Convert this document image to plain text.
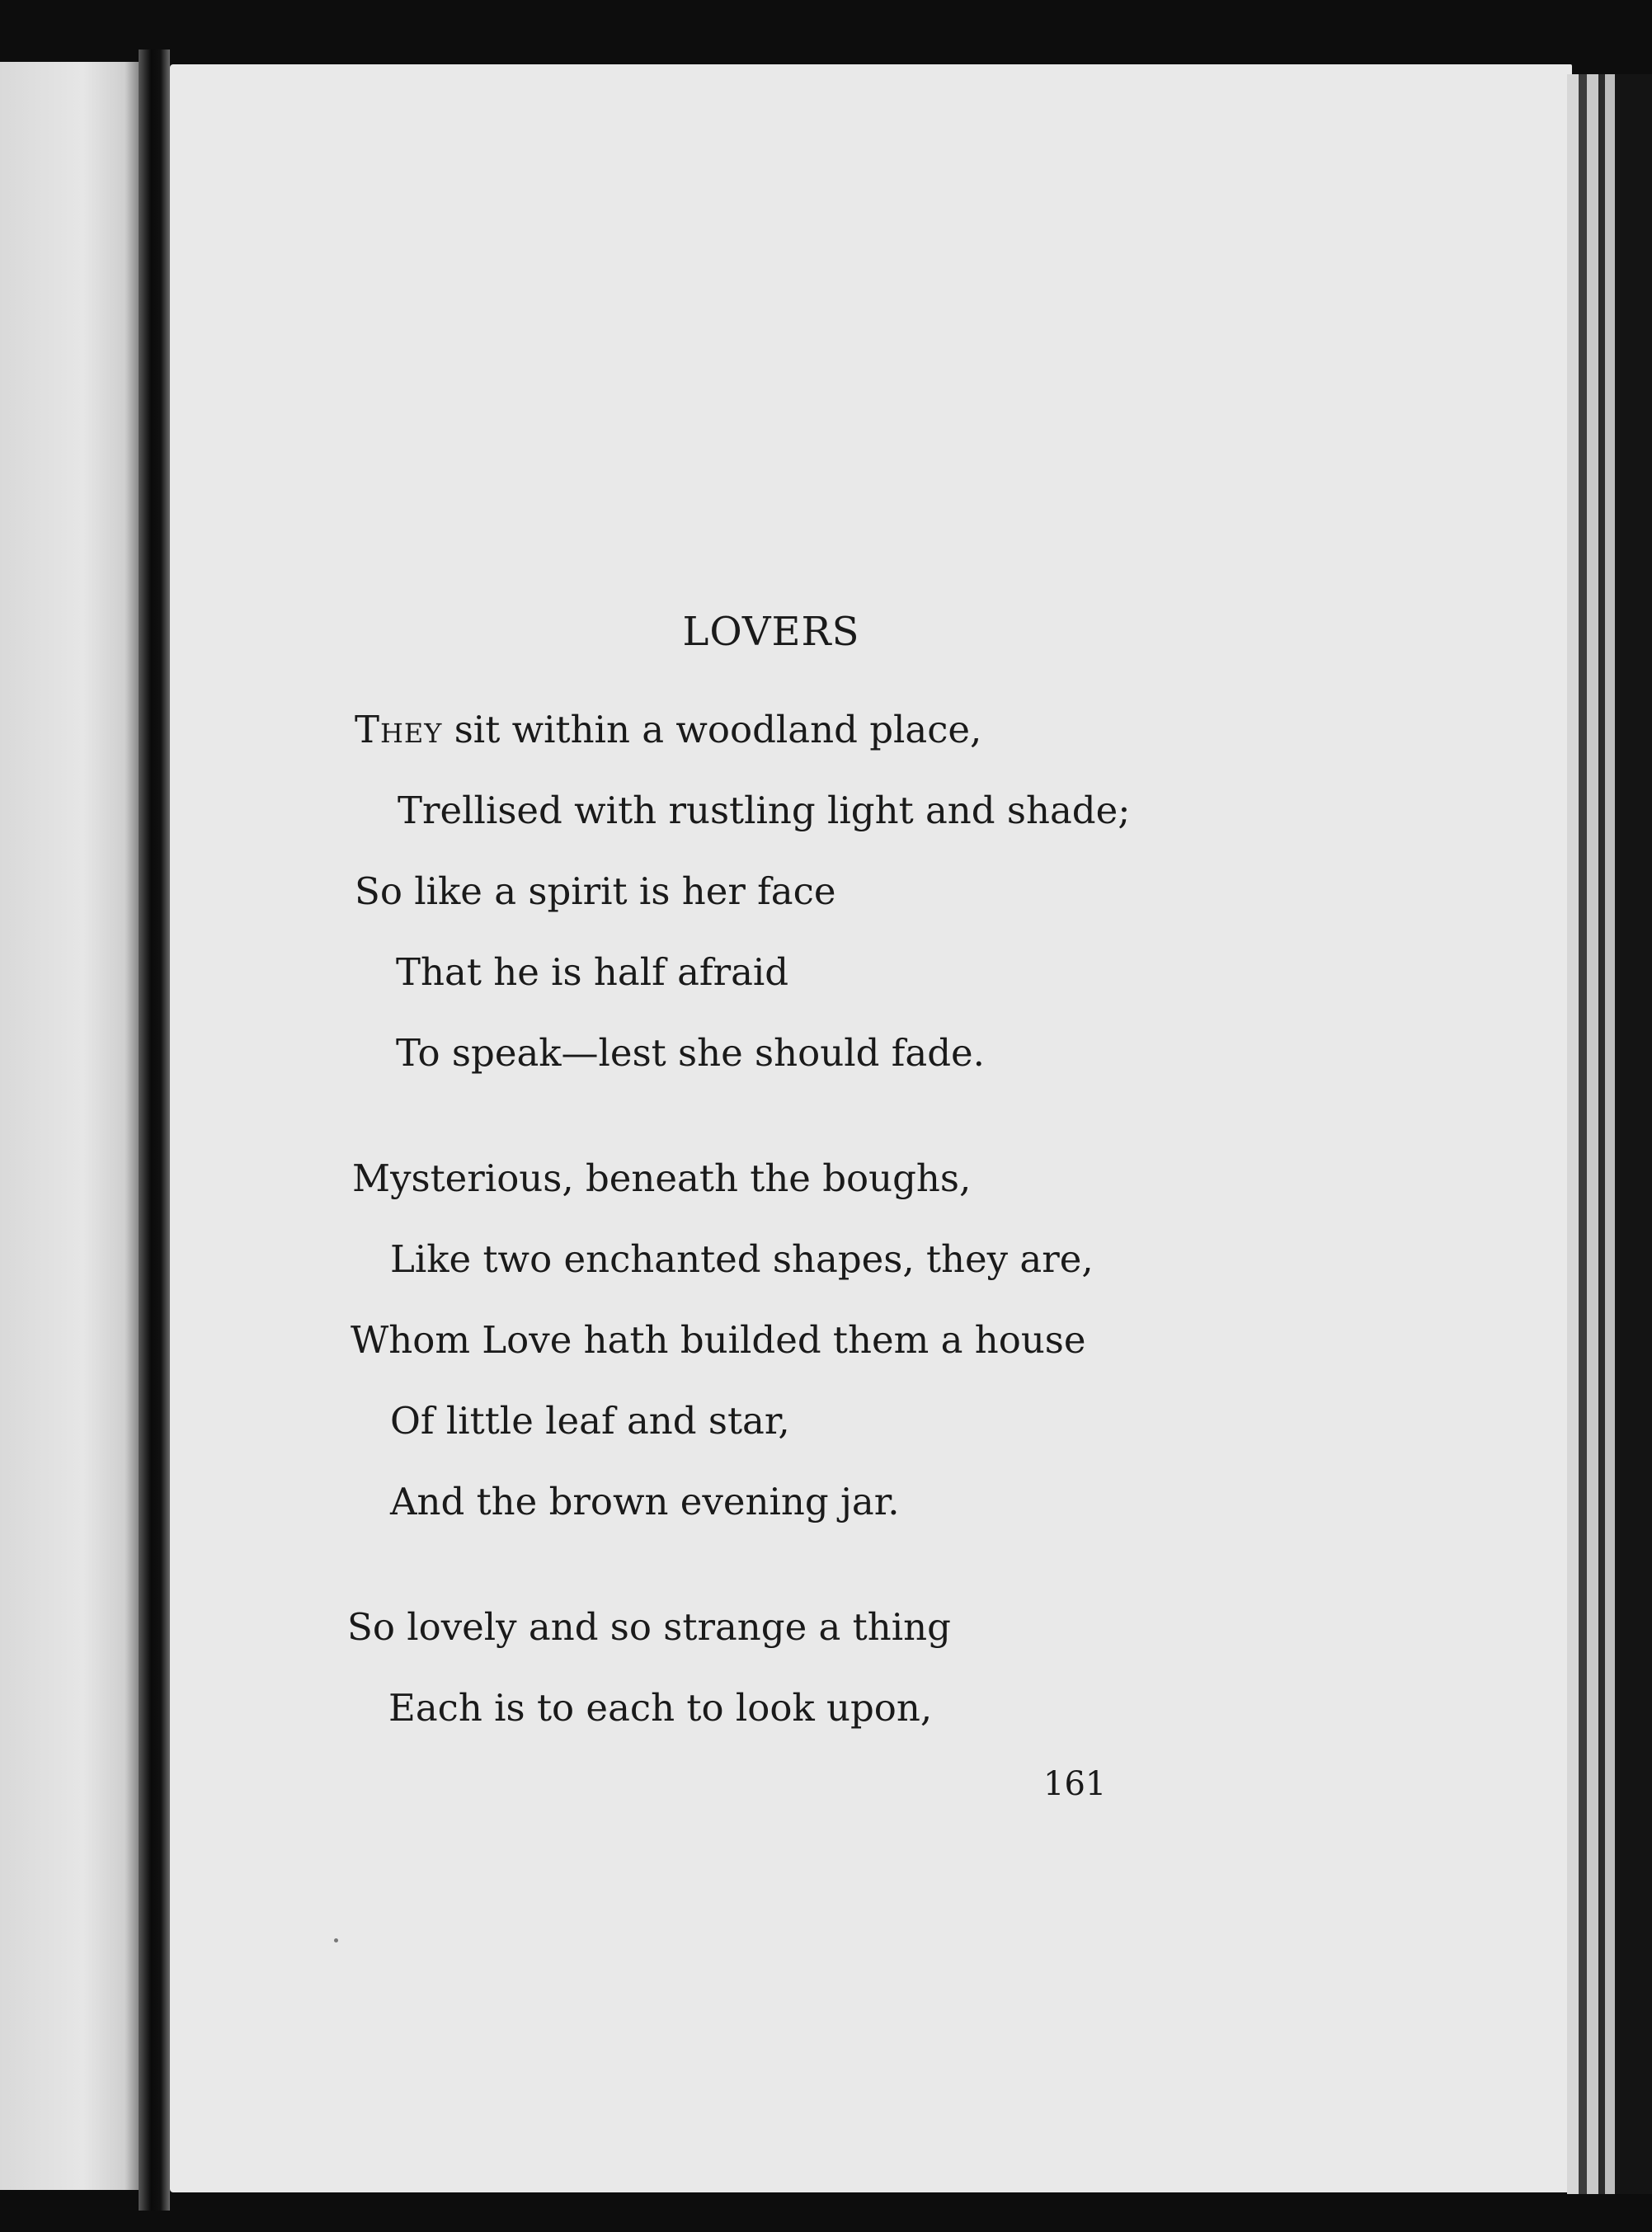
LOVERS

They sit within a woodland place,

Trellised with rustling light and shade;

So like a spirit is her face

That he is half afraid

To speak—lest she should fade.

Mysterious, beneath the boughs,

Like two enchanted shapes, they are,

Whom Love hath builded them a house

Of little leaf and star,

And the brown evening jar.

So lovely and so strange a thing

Each is to each to look upon,

161
